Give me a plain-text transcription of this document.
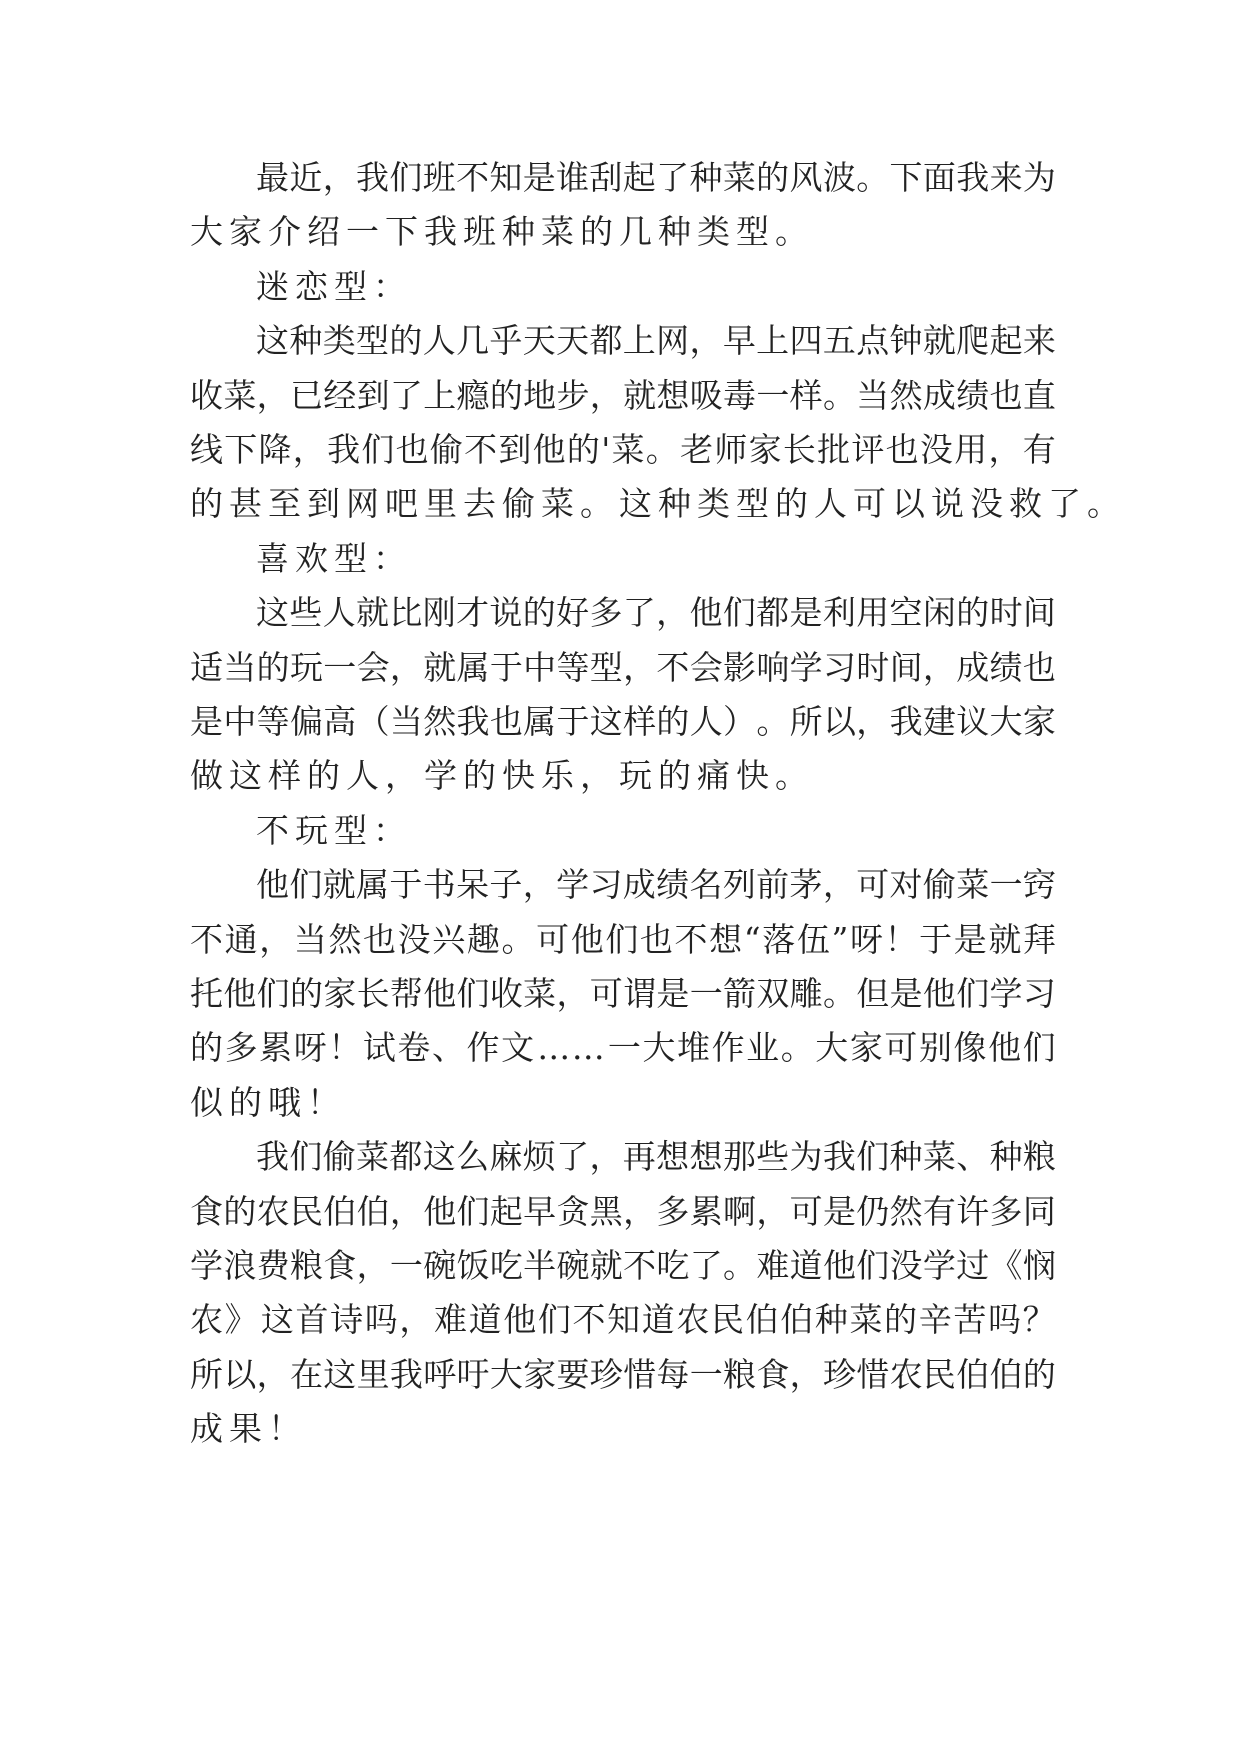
最 近 ， 我 们 班 不 知 是 谁 刮 起 了 种 菜 的 风 波 。 下 面 我 来 为
大家介绍一下我班种菜的几种类型。
迷恋型：
这 种 类 型 的 人 几 乎 天 天 都 上 网 ， 早 上 四 五 点 钟 就 爬 起 来
收 菜 ， 已 经 到 了 上 瘾 的 地 步 ， 就 想 吸 毒 一 样 。 当 然 成 绩 也 直
线 下 降 ， 我 们 也 偷 不 到 他 的 ' 菜 。 老 师 家 长 批 评 也 没 用 ， 有
的甚至到网吧里去偷菜。这种类型的人可以说没救了。
喜欢型：
这 些 人 就 比 刚 才 说 的 好 多 了 ， 他 们 都 是 利 用 空 闲 的 时 间
适 当 的 玩 一 会 ， 就 属 于 中 等 型 ， 不 会 影 响 学 习 时 间 ， 成 绩 也
是 中 等 偏 高 （ 当 然 我 也 属 于 这 样 的 人 ） 。 所 以 ， 我 建 议 大 家
做这样的人，学的快乐，玩的痛快。
不玩型：
他 们 就 属 于 书 呆 子 ， 学 习 成 绩 名 列 前 茅 ， 可 对 偷 菜 一 窍
不 通 ， 当 然 也 没 兴 趣 。 可 他 们 也 不 想 “ 落 伍 ” 呀 ！ 于 是 就 拜
托 他 们 的 家 长 帮 他 们 收 菜 ， 可 谓 是 一 箭 双 雕 。 但 是 他 们 学 习
的 多 累 呀 ！ 试 卷 、 作 文 … … 一 大 堆 作 业 。 大 家 可 别 像 他 们
似的哦！
我 们 偷 菜 都 这 么 麻 烦 了 ， 再 想 想 那 些 为 我 们 种 菜 、 种 粮
食 的 农 民 伯 伯 ， 他 们 起 早 贪 黑 ， 多 累 啊 ， 可 是 仍 然 有 许 多 同
学 浪 费 粮 食 ， 一 碗 饭 吃 半 碗 就 不 吃 了 。 难 道 他 们 没 学 过 《 悯
农 》 这 首 诗 吗 ， 难 道 他 们 不 知 道 农 民 伯 伯 种 菜 的 辛 苦 吗 ？
所 以 ， 在 这 里 我 呼 吁 大 家 要 珍 惜 每 一 粮 食 ， 珍 惜 农 民 伯 伯 的
成果！
